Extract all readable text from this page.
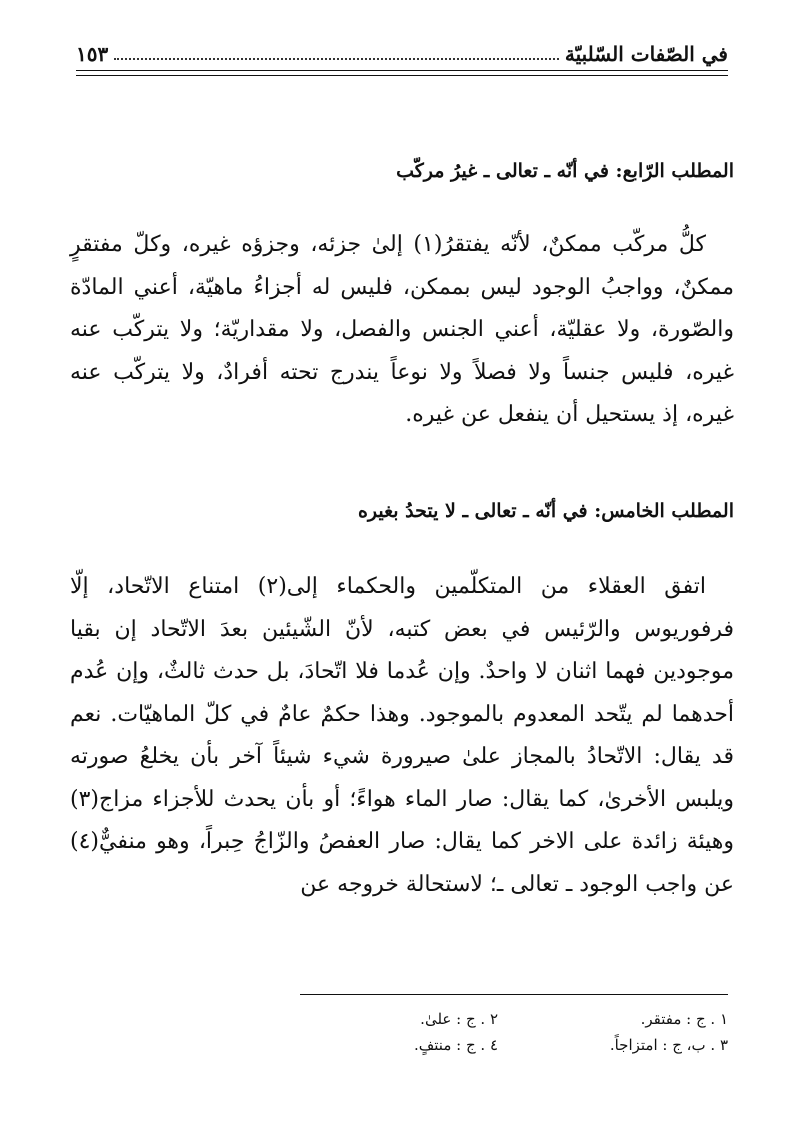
في الصّفات السّلبيّة
١٥٣
المطلب الرّابع: في أنّه ـ تعالى ـ غيرُ مركّب

كلُّ مركّب ممكنٌ، لأنّه يفتقرُ(١) إلىٰ جزئه، وجزؤه غيره، وكلّ مفتقرٍ ممكنٌ، وواجبُ الوجود ليس بممكن، فليس له أجزاءُ ماهيّة، أعني المادّة والصّورة، ولا عقليّة، أعني الجنس والفصل، ولا مقداريّة؛ ولا يتركّب عنه غيره، فليس جنساً ولا فصلاً ولا نوعاً يندرج تحته أفرادٌ، ولا يتركّب عنه غيره، إذ يستحيل أن ينفعل عن غيره.

المطلب الخامس: في أنّه ـ تعالى ـ لا يتحدُ بغيره

اتفق العقلاء من المتكلّمين والحكماء إلى(٢) امتناع الاتّحاد، إلّا فرفوريوس والرّئيس في بعض كتبه، لأنّ الشّيئين بعدَ الاتّحاد إن بقيا موجودين فهما اثنان لا واحدٌ. وإن عُدما فلا اتّحادَ، بل حدث ثالثٌ، وإن عُدم أحدهما لم يتّحد المعدوم بالموجود. وهذا حكمٌ عامٌ في كلّ الماهيّات. نعم قد يقال: الاتّحادُ بالمجاز علىٰ صيرورة شيء شيئاً آخر بأن يخلعُ صورته ويلبس الأخرىٰ، كما يقال: صار الماء هواءً؛ أو بأن يحدث للأجزاء مزاج(٣) وهيئة زائدة على الاخر كما يقال: صار العفصُ والزّاجُ حِبراً، وهو منفيٌّ(٤) عن واجب الوجود ـ تعالى ـ؛ لاستحالة خروجه عن

١ . ج : مفتقر.
٢ . ج : علىٰ.
٣ . ب، ج : امتزاجاً.
٤ . ج : منتفٍ.
